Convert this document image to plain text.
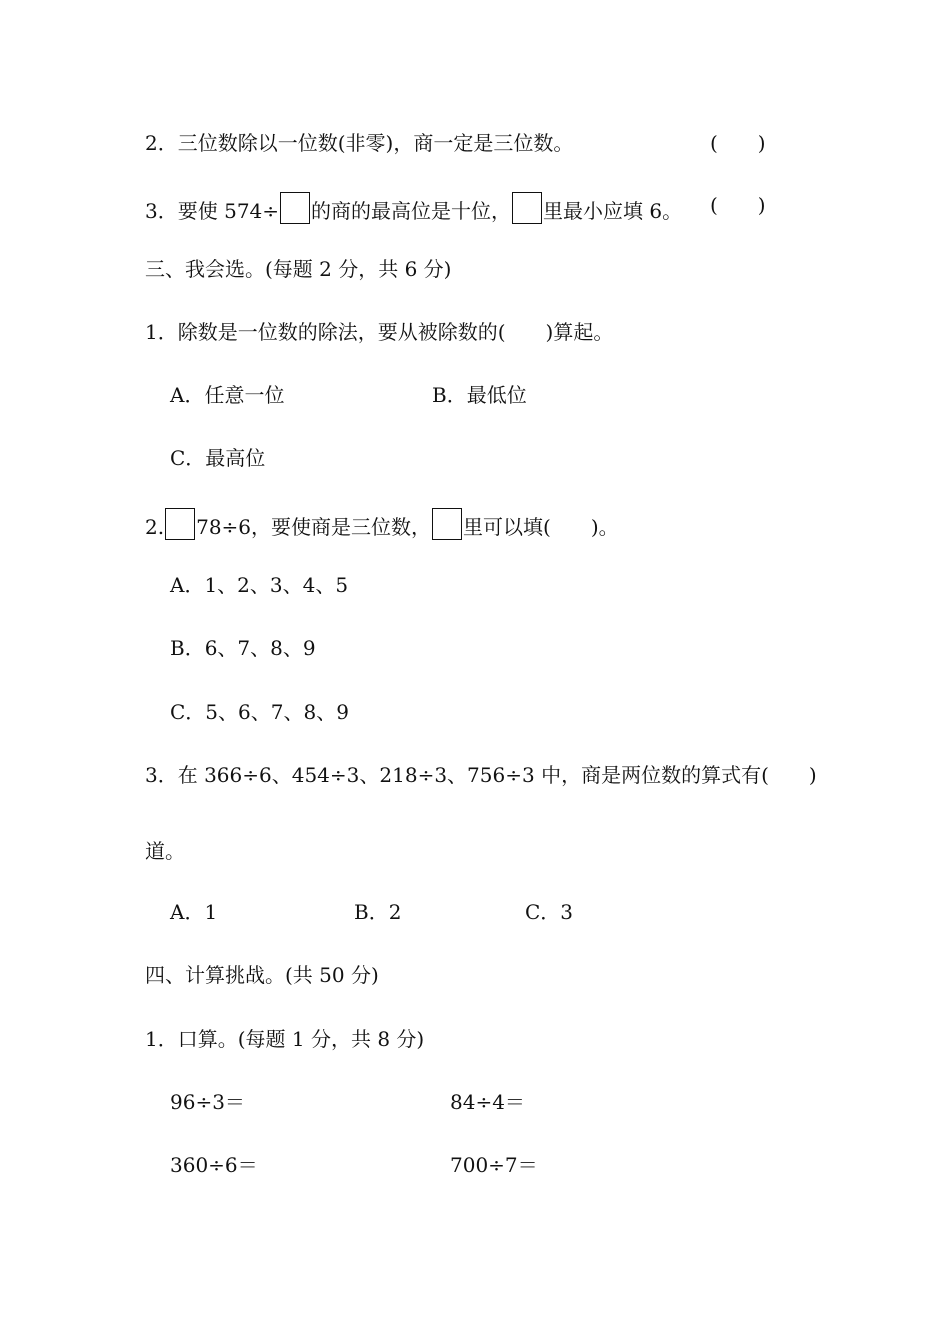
2．三位数除以一位数(非零)，商一定是三位数。	(　　)
3．要使 574÷ 的商的最高位是十位， 里最小应填 6。 (　　)
三、我会选。(每题 2 分，共 6 分)
1．除数是一位数的除法，要从被除数的(　　)算起。
A．任意一位	B．最低位
C．最高位
2. 78÷6，要使商是三位数， 里可以填(　　)。
A．1、2、3、4、5
B．6、7、8、9
C．5、6、7、8、9
3．在 366÷6、454÷3、218÷3、756÷3 中，商是两位数的算式有(　　)
道。
A．1	B．2	C．3
四、计算挑战。(共 50 分)
1．口算。(每题 1 分，共 8 分)
96÷3＝	84÷4＝
360÷6＝	700÷7＝
